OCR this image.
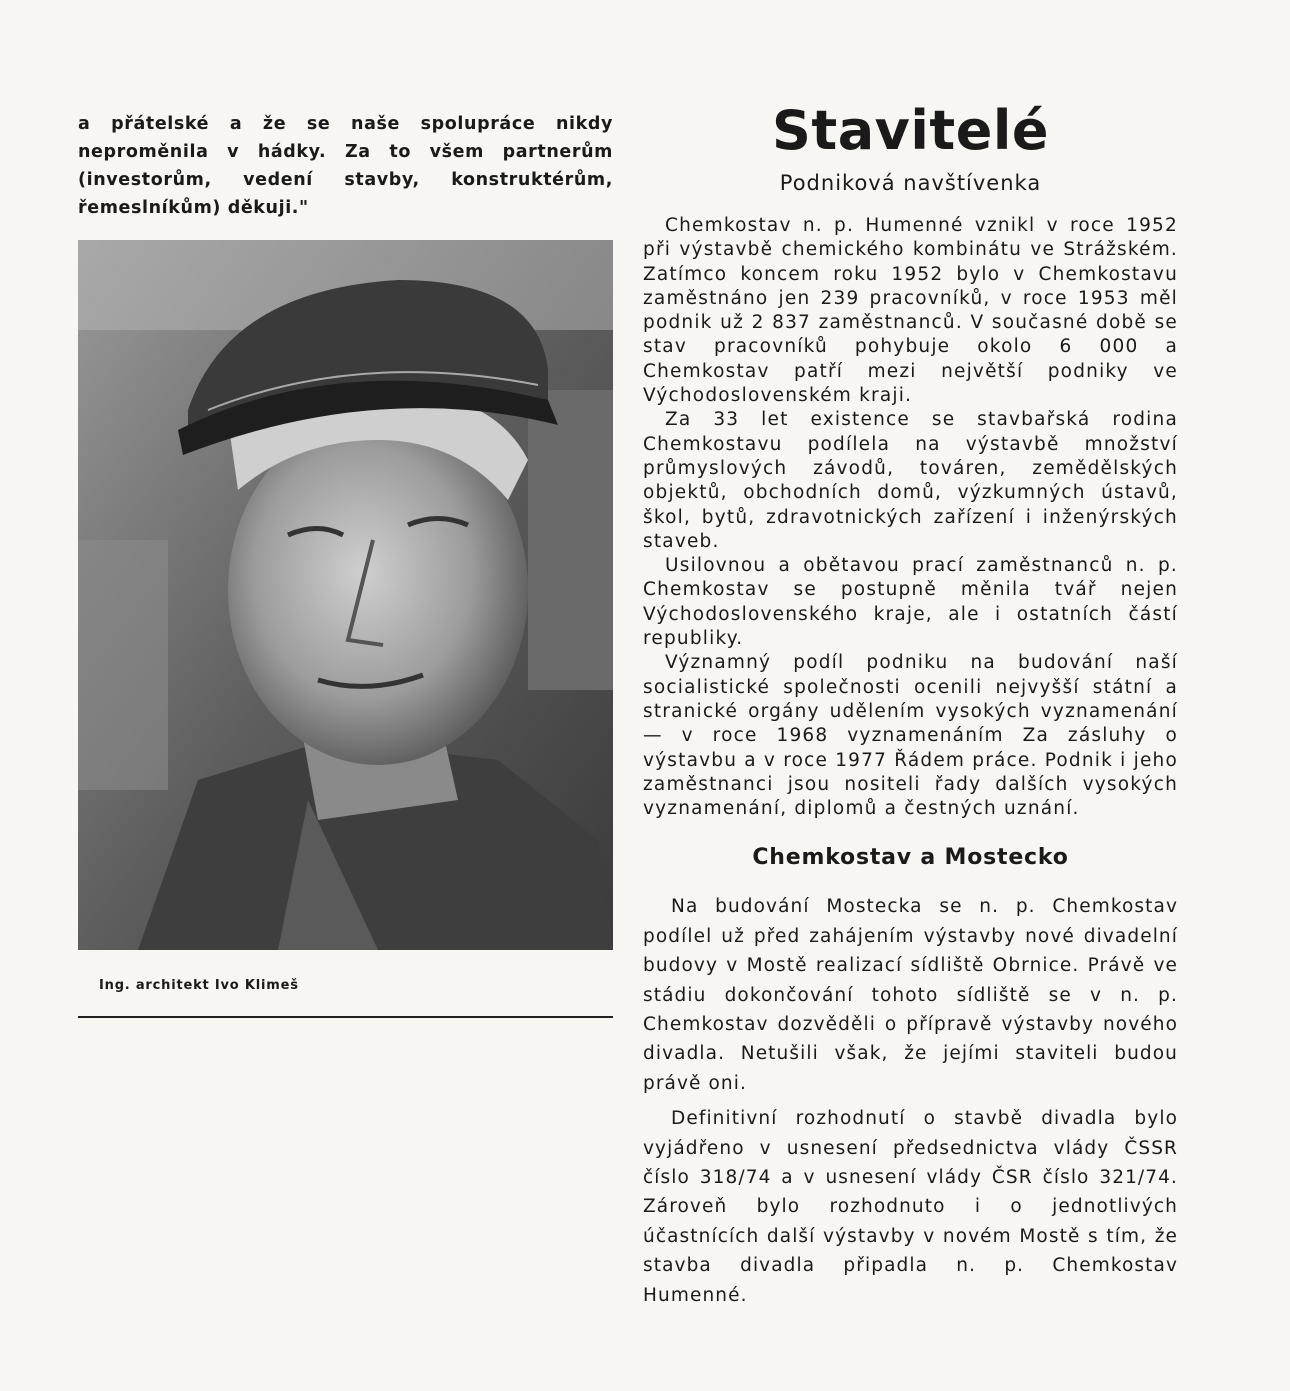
a přátelské a že se naše spolupráce nikdy neproměnila v hádky. Za to všem partnerům (investorům, vedení stavby, konstruktérům, řemeslníkům) děkuji."

Ing. architekt Ivo Klimeš
Stavitelé
Podniková navštívenka

Chemkostav n. p. Humenné vznikl v roce 1952 při výstavbě chemického kombinátu ve Strážském. Zatímco koncem roku 1952 bylo v Chemkostavu zaměstnáno jen 239 pracovníků, v roce 1953 měl podnik už 2 837 zaměstnanců. V současné době se stav pracovníků pohybuje okolo 6 000 a Chemkostav patří mezi největší podniky ve Východoslovenském kraji.

Za 33 let existence se stavbařská rodina Chemkostavu podílela na výstavbě množství průmyslových závodů, továren, zemědělských objektů, obchodních domů, výzkumných ústavů, škol, bytů, zdravotnických zařízení i inženýrských staveb.

Usilovnou a obětavou prací zaměstnanců n. p. Chemkostav se postupně měnila tvář nejen Východoslovenského kraje, ale i ostatních částí republiky.

Významný podíl podniku na budování naší socialistické společnosti ocenili nejvyšší státní a stranické orgány udělením vysokých vyznamenání — v roce 1968 vyznamenáním Za zásluhy o výstavbu a v roce 1977 Řádem práce. Podnik i jeho zaměstnanci jsou nositeli řady dalších vysokých vyznamenání, diplomů a čestných uznání.

Chemkostav a Mostecko

Na budování Mostecka se n. p. Chemkostav podílel už před zahájením výstavby nové divadelní budovy v Mostě realizací sídliště Obrnice. Právě ve stádiu dokončování tohoto sídliště se v n. p. Chemkostav dozvěděli o přípravě výstavby nového divadla. Netušili však, že jejími staviteli budou právě oni.

Definitivní rozhodnutí o stavbě divadla bylo vyjádřeno v usnesení předsednictva vlády ČSSR číslo 318/74 a v usnesení vlády ČSR číslo 321/74. Zároveň bylo rozhodnuto i o jednotlivých účastnících další výstavby v novém Mostě s tím, že stavba divadla připadla n. p. Chemkostav Humenné.
